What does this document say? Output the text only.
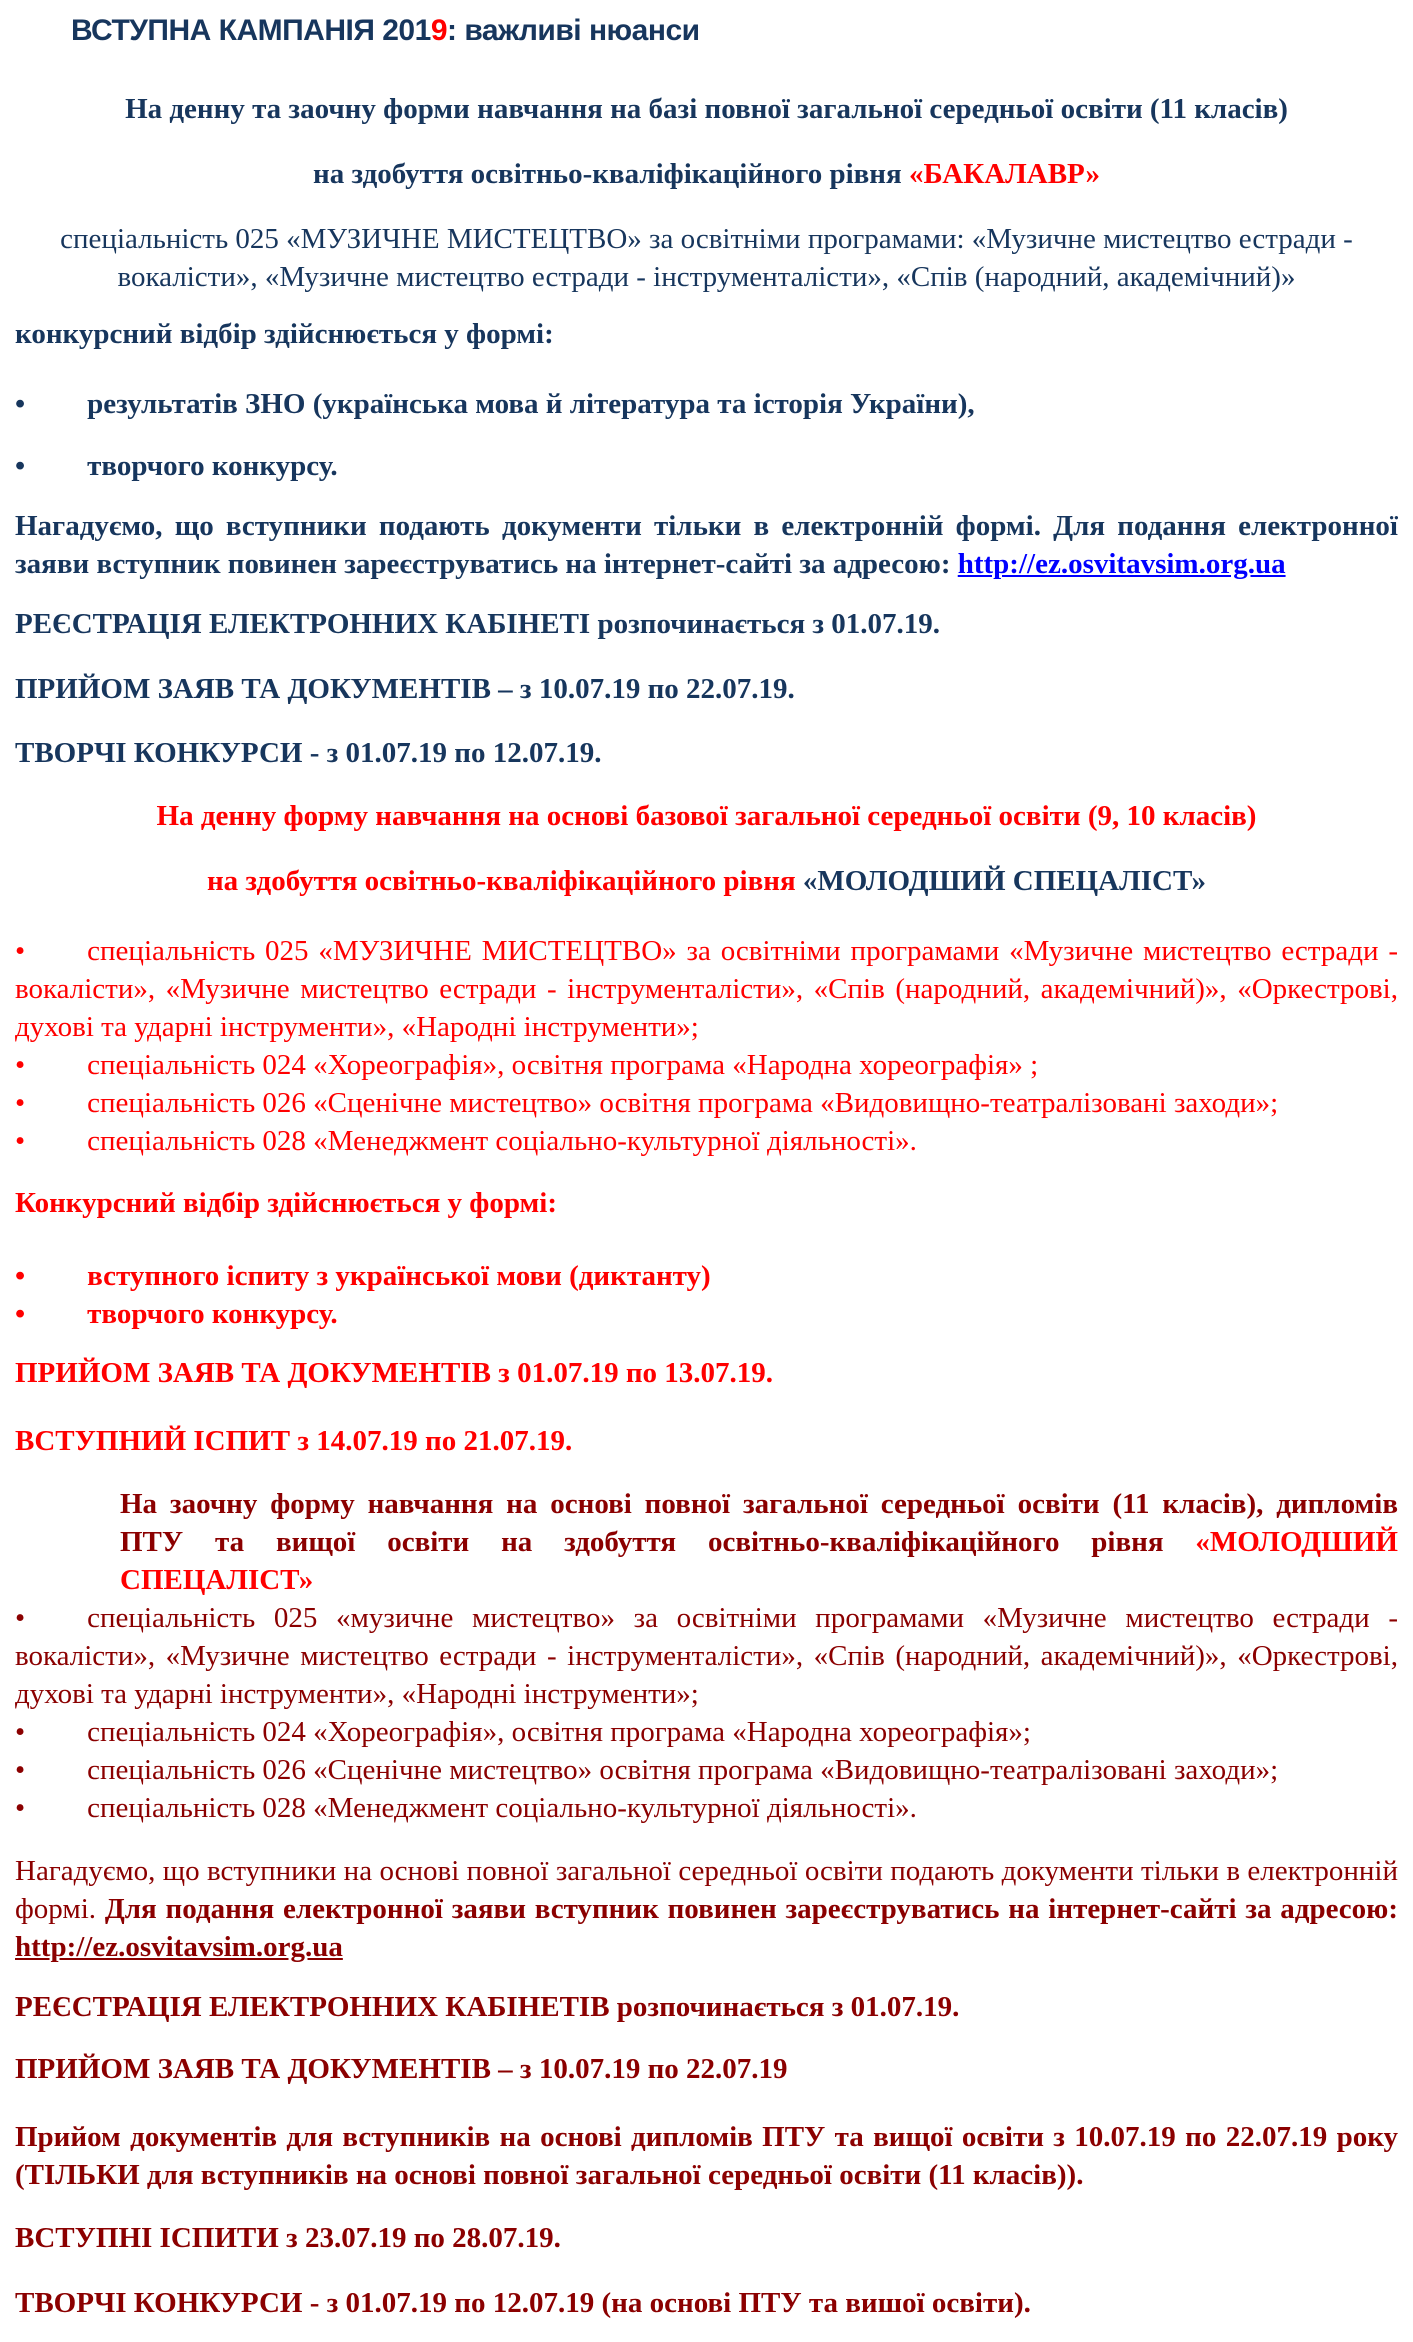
ВСТУПНА КАМПАНІЯ 2019: важливі нюанси

На денну та заочну форми навчання на базі повної загальної середньої освіти (11 класів)

на здобуття освітньо-кваліфікаційного рівня «БАКАЛАВР»

спеціальність 025 «МУЗИЧНЕ МИСТЕЦТВО» за освітніми програмами: «Музичне мистецтво естради - вокалісти», «Музичне мистецтво естради - інструменталісти», «Спів (народний, академічний)»

конкурсний відбір здійснюється у формі:

• результатів ЗНО (українська мова й література та історія України),

• творчого конкурсу.

Нагадуємо, що вступники подають документи тільки в електронній формі. Для подання електронної заяви вступник повинен зареєструватись на інтернет-сайті за адресою: http://ez.osvitavsim.org.ua

РЕЄСТРАЦІЯ ЕЛЕКТРОННИХ КАБІНЕТІ розпочинається з 01.07.19.

ПРИЙОМ ЗАЯВ ТА ДОКУМЕНТІВ – з 10.07.19 по 22.07.19.

ТВОРЧІ КОНКУРСИ - з 01.07.19 по 12.07.19.

На денну форму навчання на основі базової загальної середньої освіти (9, 10 класів)

на здобуття освітньо-кваліфікаційного рівня «МОЛОДШИЙ СПЕЦАЛІСТ»

• спеціальність 025 «МУЗИЧНЕ МИСТЕЦТВО» за освітніми програмами «Музичне мистецтво естради - вокалісти», «Музичне мистецтво естради - інструменталісти», «Спів (народний, академічний)», «Оркестрові, духові та ударні інструменти», «Народні інструменти»;

• спеціальність 024 «Хореографія», освітня програма «Народна хореографія» ;

• спеціальність 026 «Сценічне мистецтво» освітня програма «Видовищно-театралізовані заходи»;

• спеціальність 028 «Менеджмент соціально-культурної діяльності».

Конкурсний відбір здійснюється у формі:

• вступного іспиту з української мови (диктанту)

• творчого конкурсу.

ПРИЙОМ ЗАЯВ ТА ДОКУМЕНТІВ з 01.07.19 по 13.07.19.

ВСТУПНИЙ ІСПИТ з 14.07.19 по 21.07.19.

На заочну форму навчання на основі повної загальної середньої освіти (11 класів), дипломів ПТУ та вищої освіти на здобуття освітньо-кваліфікаційного рівня «МОЛОДШИЙ СПЕЦАЛІСТ»

• спеціальність 025 «музичне мистецтво» за освітніми програмами «Музичне мистецтво естради - вокалісти», «Музичне мистецтво естради - інструменталісти», «Спів (народний, академічний)», «Оркестрові, духові та ударні інструменти», «Народні інструменти»;

• спеціальність 024 «Хореографія», освітня програма «Народна хореографія»;

• спеціальність 026 «Сценічне мистецтво» освітня програма «Видовищно-театралізовані заходи»;

• спеціальність 028 «Менеджмент соціально-культурної діяльності».

Нагадуємо, що вступники на основі повної загальної середньої освіти подають документи тільки в електронній формі. Для подання електронної заяви вступник повинен зареєструватись на інтернет-сайті за адресою: http://ez.osvitavsim.org.ua

РЕЄСТРАЦІЯ ЕЛЕКТРОННИХ КАБІНЕТІВ розпочинається з 01.07.19.

ПРИЙОМ ЗАЯВ ТА ДОКУМЕНТІВ – з 10.07.19 по 22.07.19

Прийом документів для вступників на основі дипломів ПТУ та вищої освіти з 10.07.19 по 22.07.19 року (ТІЛЬКИ для вступників на основі повної загальної середньої освіти (11 класів)).

ВСТУПНІ ІСПИТИ з 23.07.19 по 28.07.19.

ТВОРЧІ КОНКУРСИ - з 01.07.19 по 12.07.19 (на основі ПТУ та вишої освіти).
